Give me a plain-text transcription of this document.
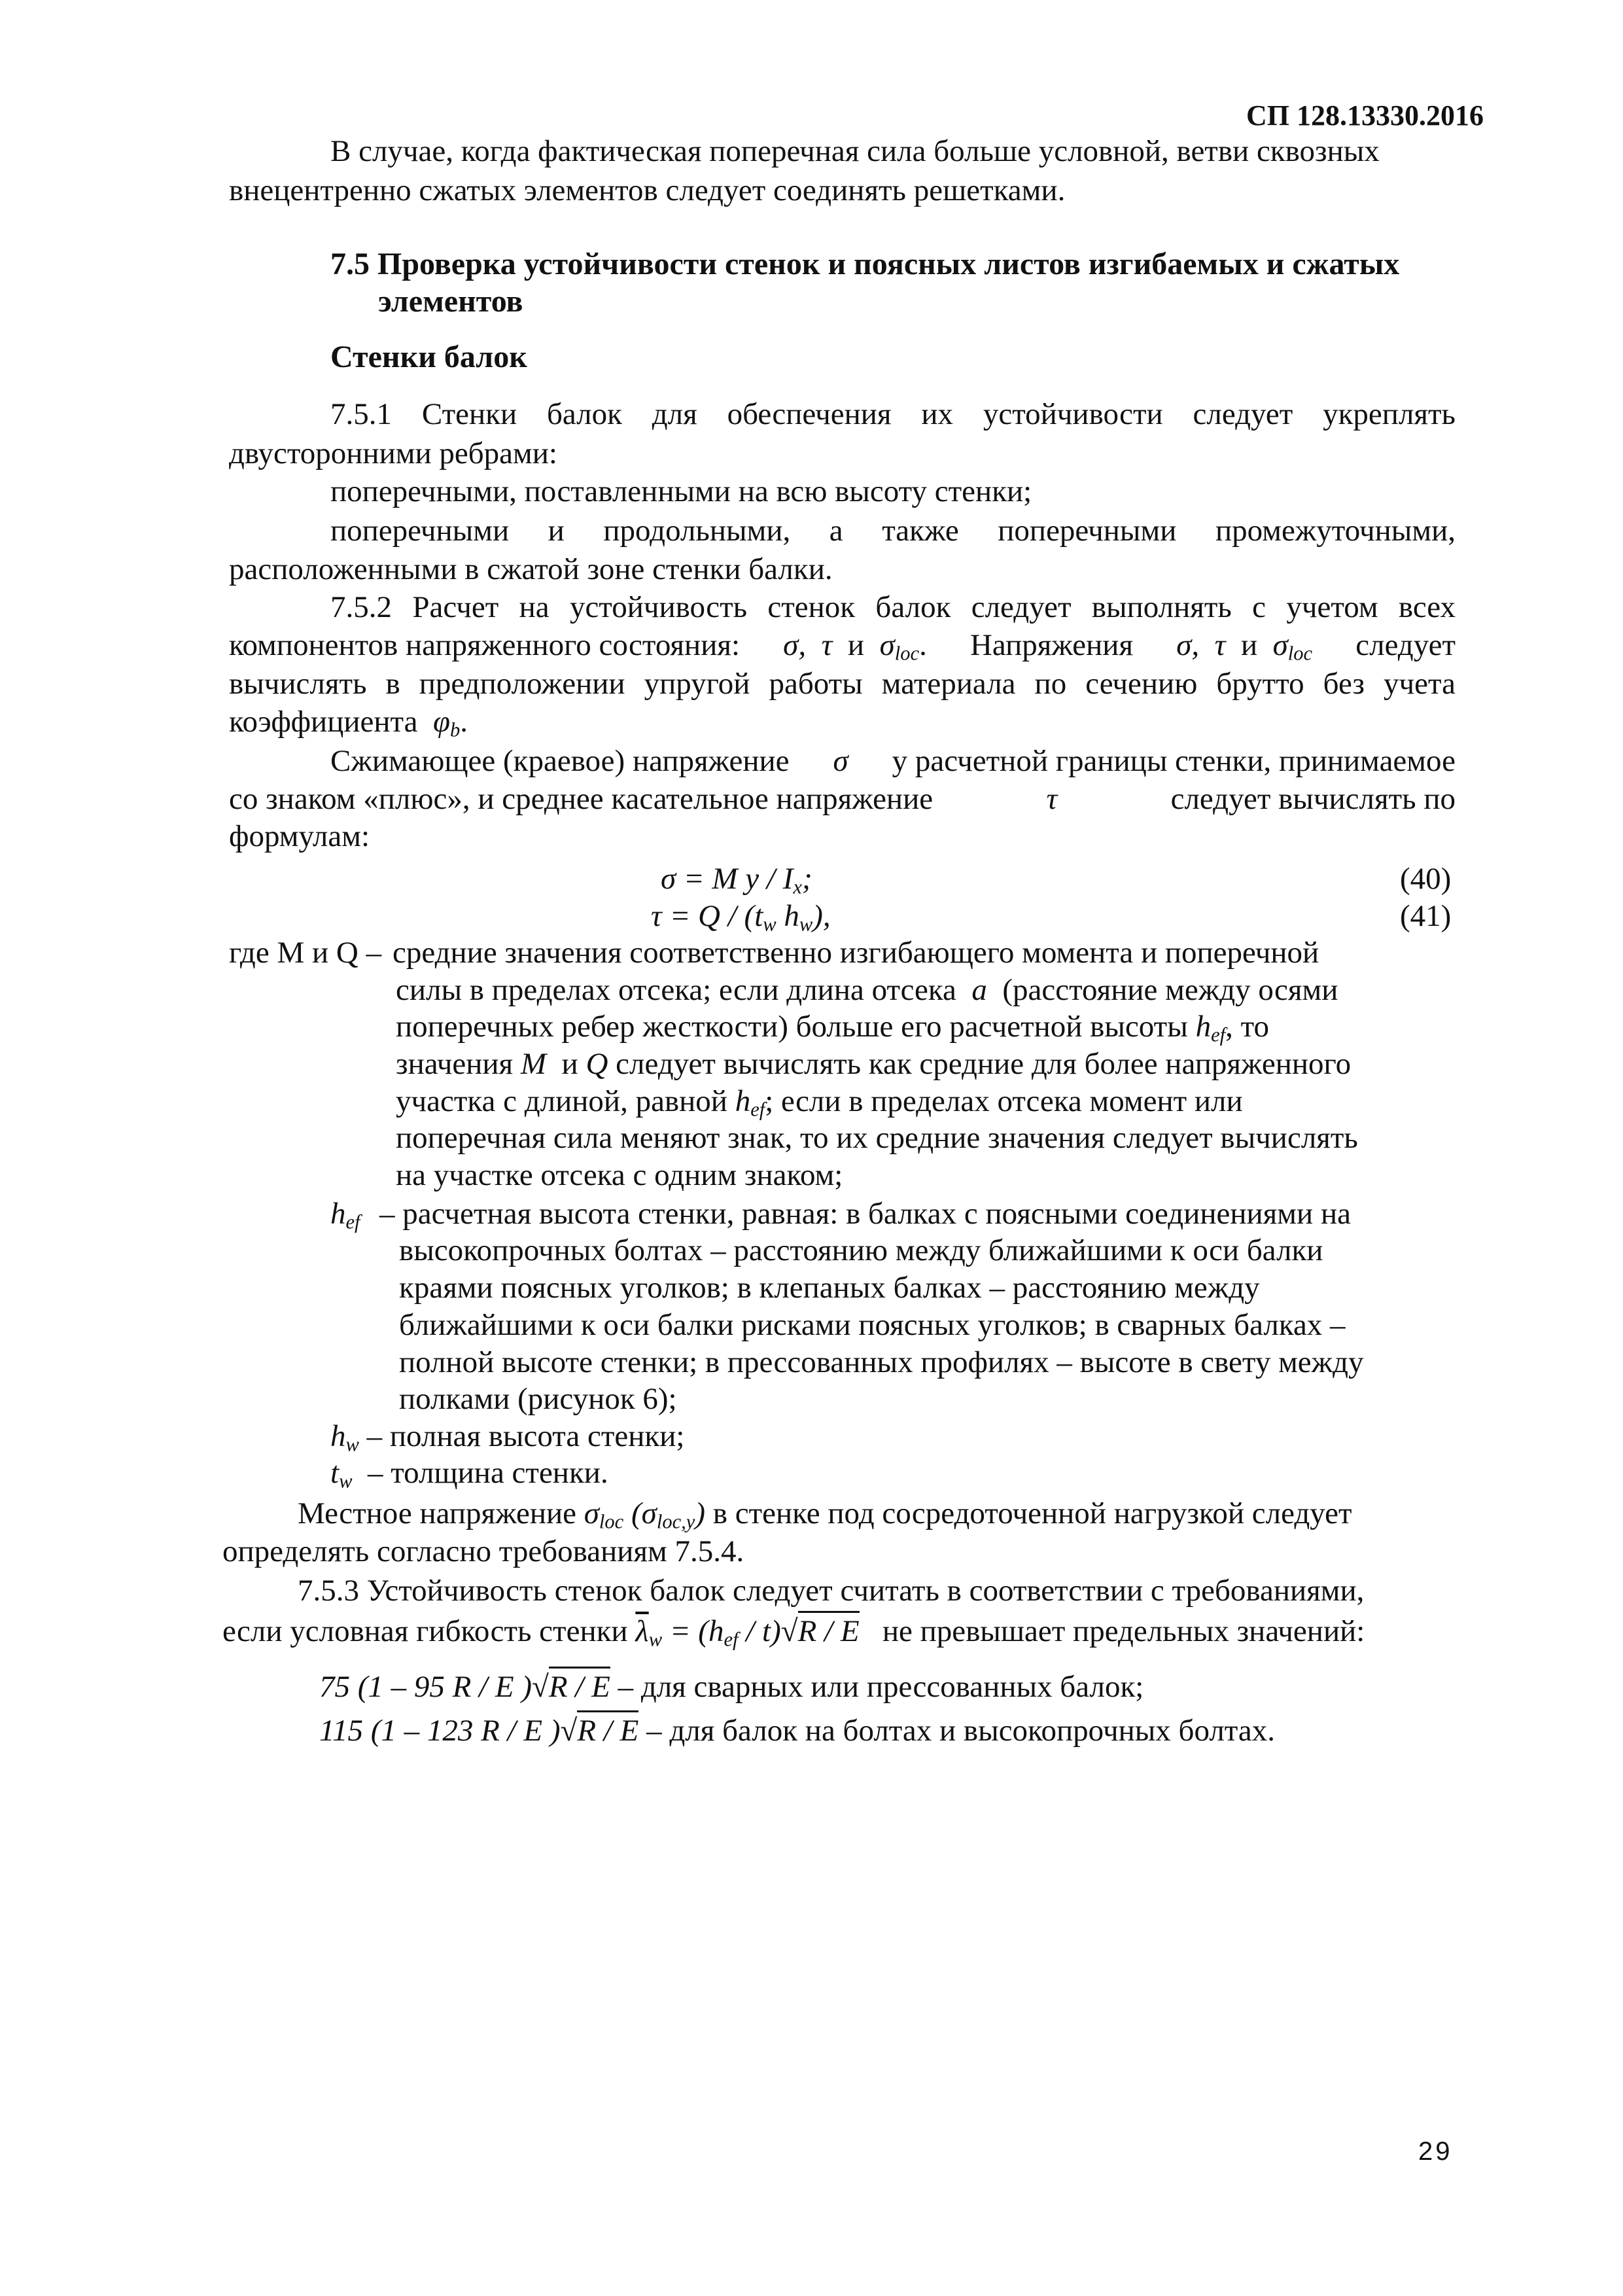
СП 128.13330.2016
В случае, когда фактическая поперечная сила больше условной, ветви сквозных
внецентренно сжатых элементов следует соединять решетками.
7.5 Проверка устойчивости стенок и поясных листов изгибаемых и сжатых
элементов
Стенки балок
7.5.1 Стенки балок для обеспечения их устойчивости следует укреплять
двусторонними ребрами:
поперечными, поставленными на всю высоту стенки;
поперечными и продольными, а также поперечными промежуточными,
расположенными в сжатой зоне стенки балки.
7.5.2 Расчет на устойчивость стенок балок следует выполнять с учетом всех
компонентов напряженного состояния: σ, τ и $\sigma_{loc}$. Напряжения σ, τ и $\sigma_{loc}$ следует
вычислять в предположении упругой работы материала по сечению брутто без учета
коэффициента $\varphi_b$.
Сжимающее (краевое) напряжение σ у расчетной границы стенки, принимаемое
со знаком «плюс», и среднее касательное напряжение	τ	следует вычислять по
формулам:
σ = M y / $I_x$;	(40)
$\tau = Q / (t_w$ $h_w$),	(41)
где M и Q – средние значения соответственно изгибающего момента и поперечной
силы в пределах отсека; если длина отсека a (расстояние между осями
поперечных ребер жесткости) больше его расчетной высоты $h_{ef}$, то
значения M и Q следует вычислять как средние для более напряженного
участка с длиной, равной $h_{ef}$; если в пределах отсека момент или
поперечная сила меняют знак, то их средние значения следует вычислять
на участке отсека с одним знаком;
$h_{ef}$ – расчетная высота стенки, равная: в балках с поясными соединениями на
высокопрочных болтах – расстоянию между ближайшими к оси балки
краями поясных уголков; в клепаных балках – расстоянию между
ближайшими к оси балки рисками поясных уголков; в сварных балках –
полной высоте стенки; в прессованных профилях – высоте в свету между
полками (рисунок 6);
$h_w$ – полная высота стенки;
$t_w$ – толщина стенки.
Местное напряжение $\sigma_{loc}$ $(\sigma_{loc,y})$ в стенке под сосредоточенной нагрузкой следует
определять согласно требованиям 7.5.4.
7.5.3 Устойчивость стенок балок следует считать в соответствии с требованиями,
если условная гибкость стенки $\overline{\lambda}_w = (h_{ef} / t)√R / E$ не превышает предельных значений:
75 (1 – 95 R / E )√R / E – для сварных или прессованных балок;
115 (1 – 123 R / E )√R / E – для балок на болтах и высокопрочных болтах.
29
